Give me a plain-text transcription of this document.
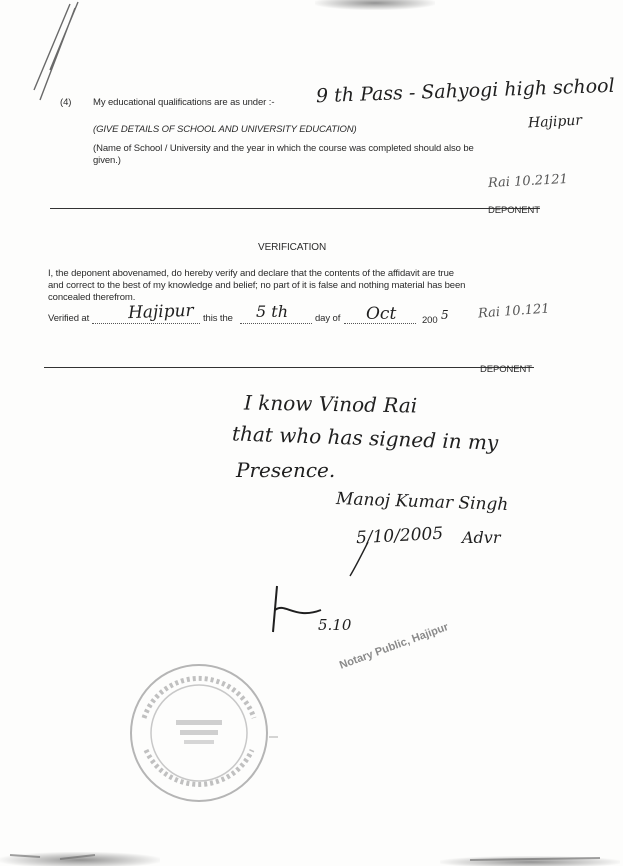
(4) My educational qualifications are as under :- 9 th Pass - Sahyogi high school
Hajipur
(GIVE DETAILS OF SCHOOL AND UNIVERSITY EDUCATION)
(Name of School / University and the year in which the course was completed should also be
given.)
Rai 10.2121
DEPONENT
VERIFICATION
I, the deponent abovenamed, do hereby verify and declare that the contents of the affidavit are true
and correct to the best of my knowledge and belief; no part of it is false and nothing material has been
concealed therefrom.
Verified at Hajipur this the 5 th	day of Oct	200 5 Rai 10.121
DEPONENT
I know Vinod Rai
that who has signed in my
Presence.
Manoj Kumar Singh
5/10/2005 Advr
5.10
Notary Public, Hajipur
